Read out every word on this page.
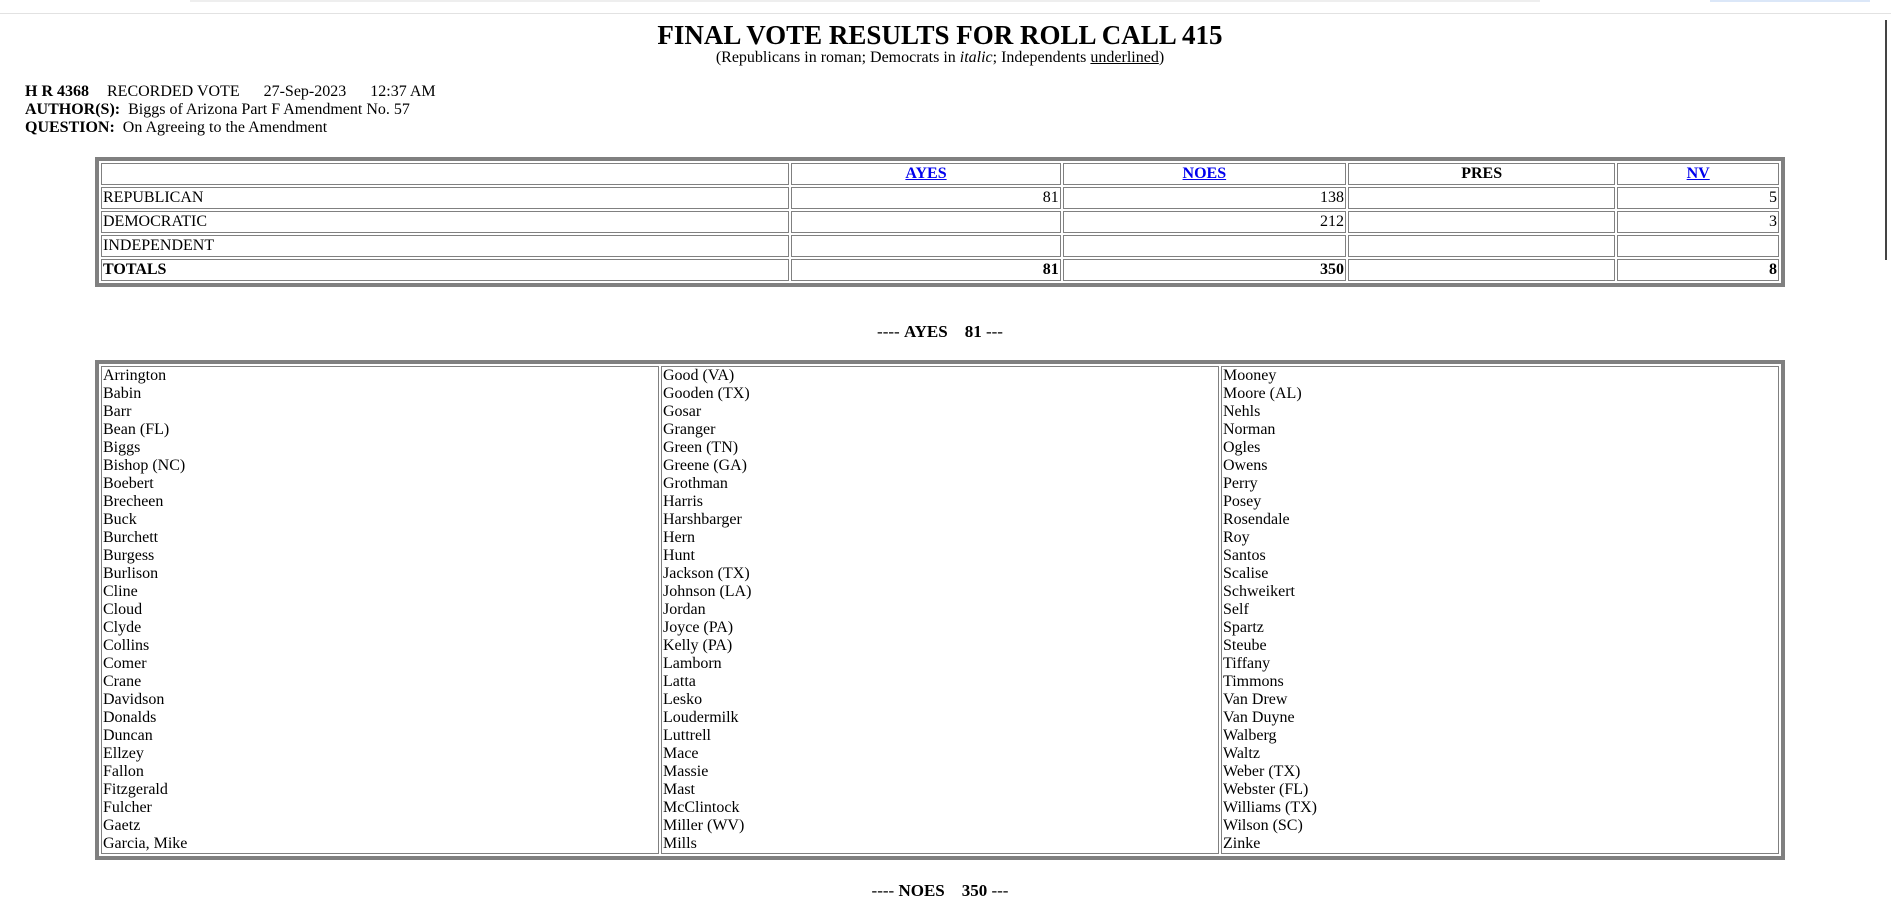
FINAL VOTE RESULTS FOR ROLL CALL 415
(Republicans in roman; Democrats in italic; Independents underlined)
H R 4368 RECORDED VOTE 27-Sep-2023 12:37 AM
AUTHOR(S): Biggs of Arizona Part F Amendment No. 57
QUESTION: On Agreeing to the Amendment
	AYES	NOES	PRES	NV
REPUBLICAN	81	138		5
DEMOCRATIC		212		3
INDEPENDENT				
TOTALS	81	350		8
---- AYES 81 ---
Arrington
Babin
Barr
Bean (FL)
Biggs
Bishop (NC)
Boebert
Brecheen
Buck
Burchett
Burgess
Burlison
Cline
Cloud
Clyde
Collins
Comer
Crane
Davidson
Donalds
Duncan
Ellzey
Fallon
Fitzgerald
Fulcher
Gaetz
Garcia, Mike

Good (VA)
Gooden (TX)
Gosar
Granger
Green (TN)
Greene (GA)
Grothman
Harris
Harshbarger
Hern
Hunt
Jackson (TX)
Johnson (LA)
Jordan
Joyce (PA)
Kelly (PA)
Lamborn
Latta
Lesko
Loudermilk
Luttrell
Mace
Massie
Mast
McClintock
Miller (WV)
Mills

Mooney
Moore (AL)
Nehls
Norman
Ogles
Owens
Perry
Posey
Rosendale
Roy
Santos
Scalise
Schweikert
Self
Spartz
Steube
Tiffany
Timmons
Van Drew
Van Duyne
Walberg
Waltz
Weber (TX)
Webster (FL)
Williams (TX)
Wilson (SC)
Zinke
---- NOES 350 ---
